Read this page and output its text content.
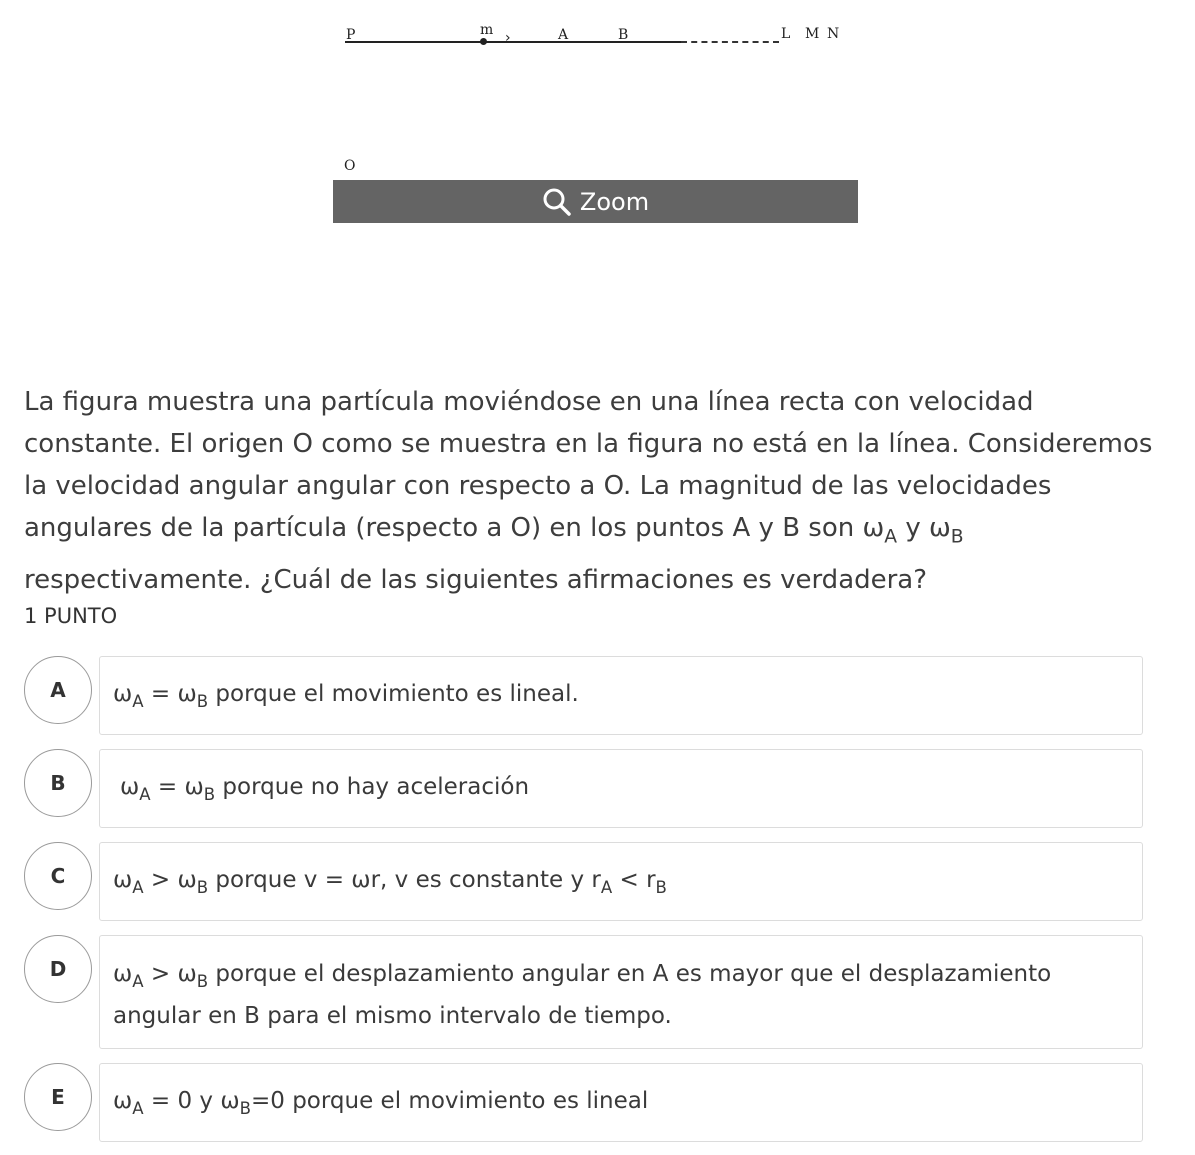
P	m ›	A	B	L M N
O
Zoom

La figura muestra una partícula moviéndose en una línea recta con velocidad constante. El origen O como se muestra en la figura no está en la línea. Consideremos la velocidad angular angular con respecto a O. La magnitud de las velocidades angulares de la partícula (respecto a O) en los puntos A y B son $\omega_A$ y $\omega_B$
respectivamente. ¿Cuál de las siguientes afirmaciones es verdadera?

1 PUNTO
A	$\omega_A = \omega_B$ porque el movimiento es lineal.
B	$\omega_A = \omega_B$ porque no hay aceleración
C	$\omega_A > \omega_B$ porque v = ωr, v es constante y $r_A < r_B$
D	$\omega_A > \omega_B$ porque el desplazamiento angular en A es mayor que el desplazamiento angular en B para el mismo intervalo de tiempo.
E	$\omega_A = 0$ y $\omega_B=0$ porque el movimiento es lineal
